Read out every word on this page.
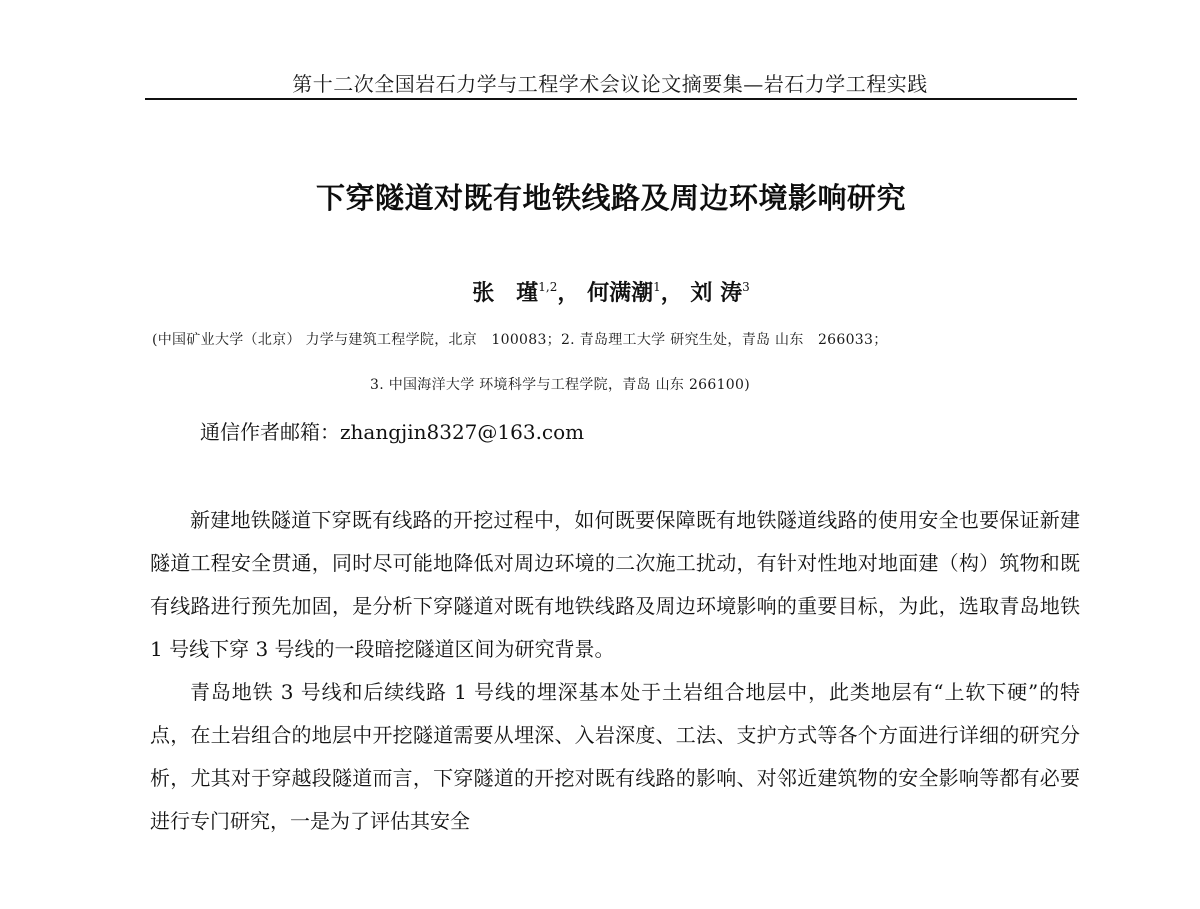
第十二次全国岩石力学与工程学术会议论文摘要集—岩石力学工程实践
下穿隧道对既有地铁线路及周边环境影响研究
张　瑾$^{1,2}$， 何满潮$^1$， 刘 涛$^3$
(中国矿业大学（北京） 力学与建筑工程学院，北京　100083；2. 青岛理工大学 研究生处，青岛 山东　266033；
3. 中国海洋大学 环境科学与工程学院，青岛 山东 266100)
通信作者邮箱：zhangjin8327@163.com

新建地铁隧道下穿既有线路的开挖过程中，如何既要保障既有地铁隧道线路的使用安全也要保证新建隧道工程安全贯通，同时尽可能地降低对周边环境的二次施工扰动，有针对性地对地面建（构）筑物和既有线路进行预先加固，是分析下穿隧道对既有地铁线路及周边环境影响的重要目标，为此，选取青岛地铁 1 号线下穿 3 号线的一段暗挖隧道区间为研究背景。

青岛地铁 3 号线和后续线路 1 号线的埋深基本处于土岩组合地层中，此类地层有“上软下硬”的特点，在土岩组合的地层中开挖隧道需要从埋深、入岩深度、工法、支护方式等各个方面进行详细的研究分析，尤其对于穿越段隧道而言，下穿隧道的开挖对既有线路的影响、对邻近建筑物的安全影响等都有必要进行专门研究，一是为了评估其安全
